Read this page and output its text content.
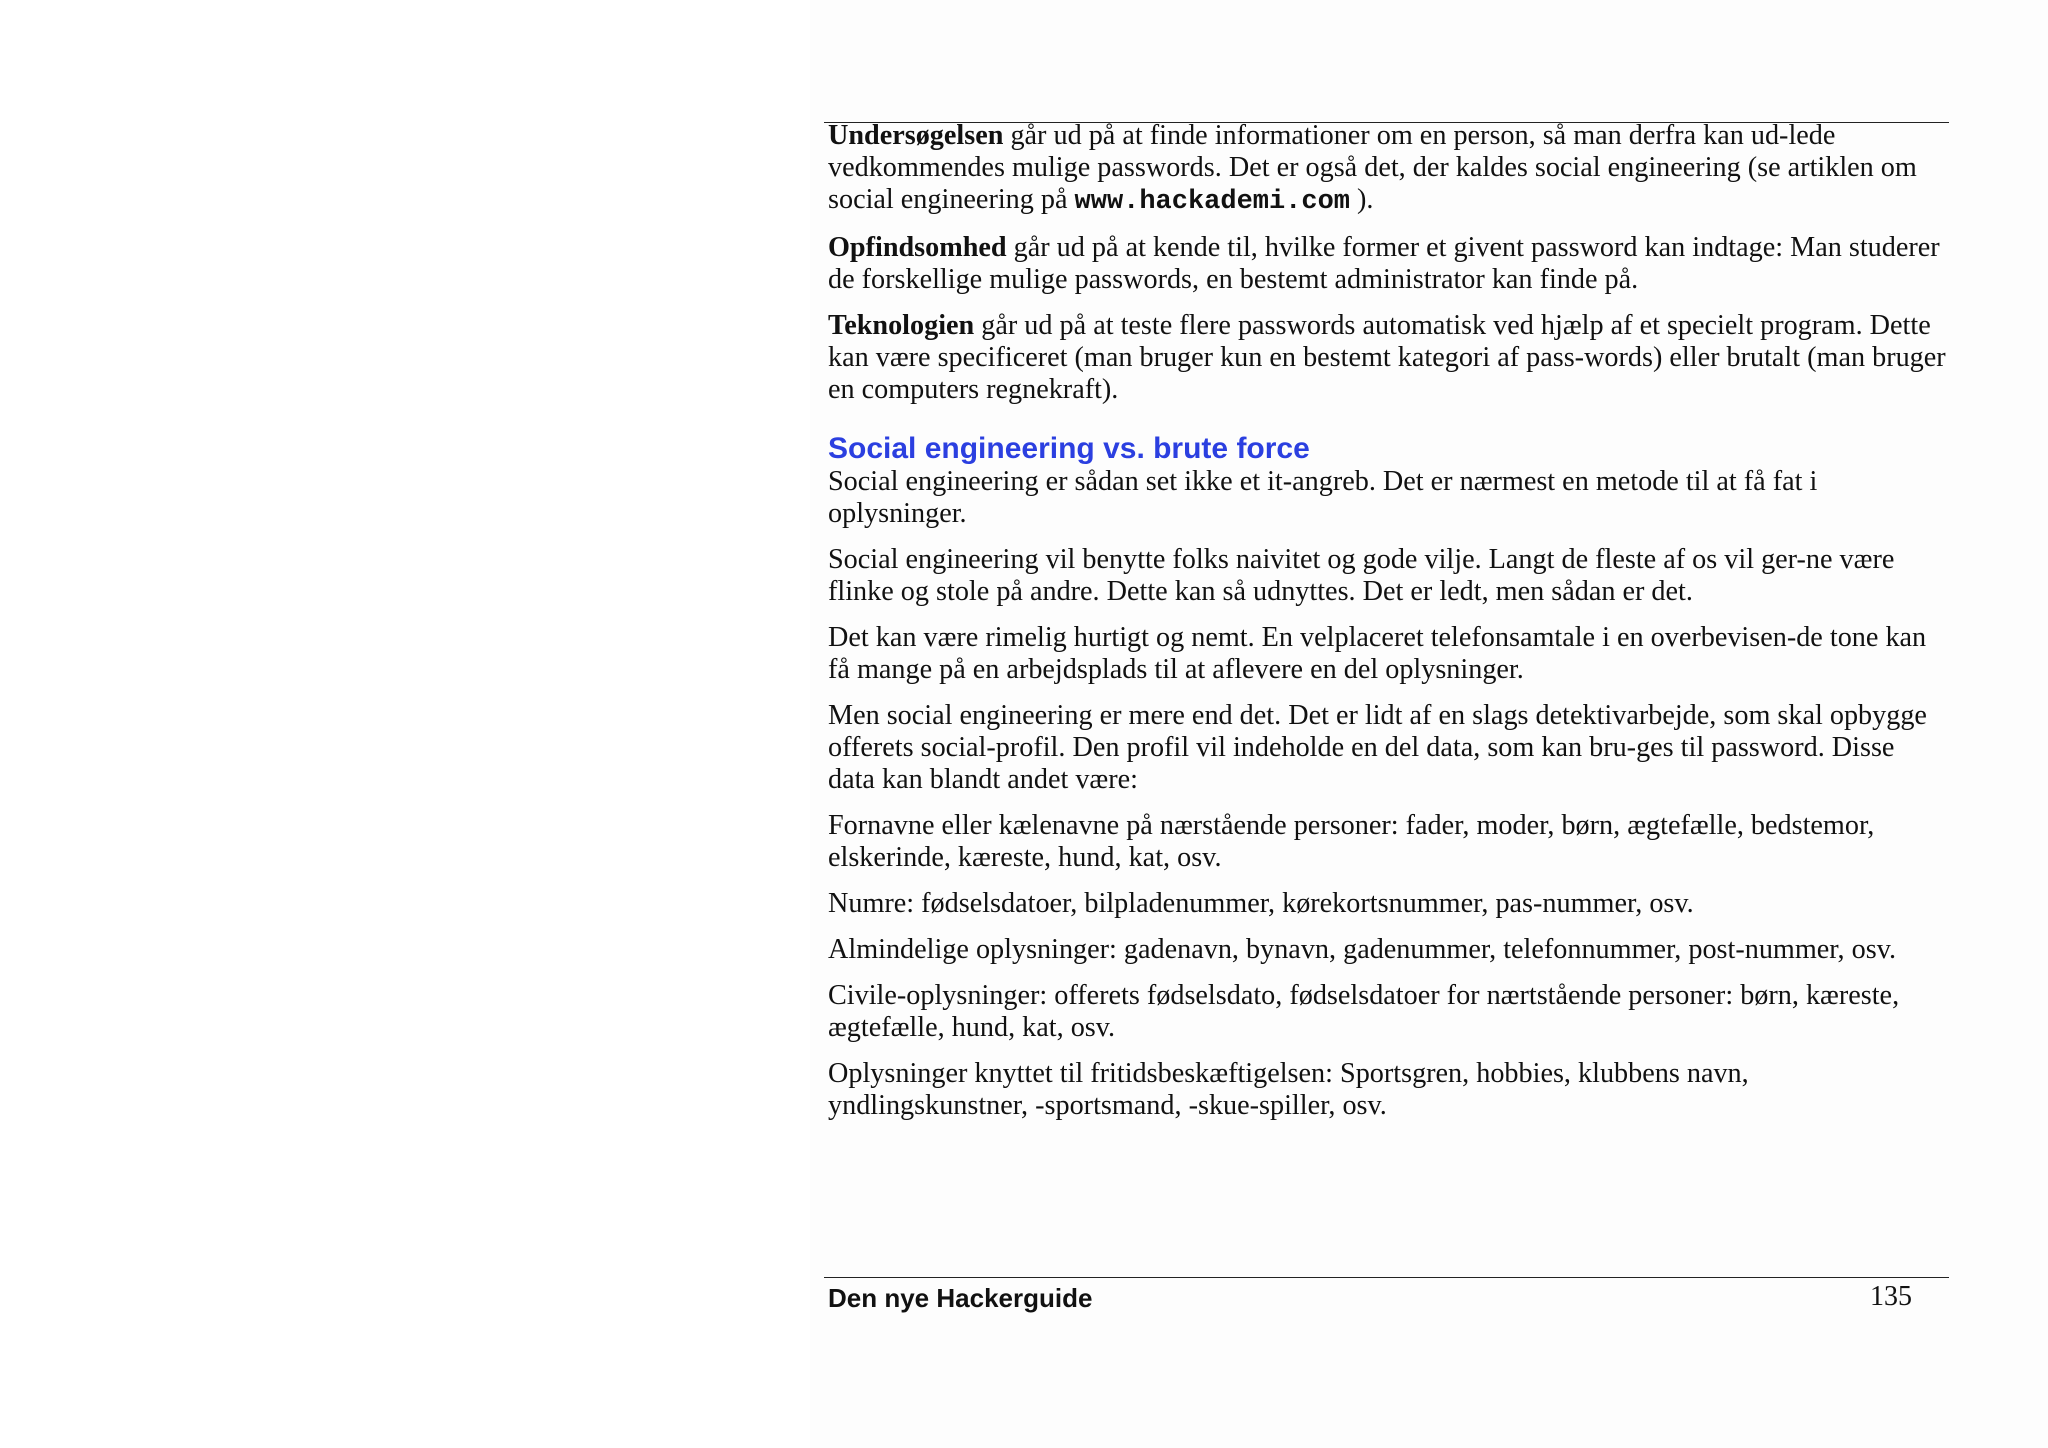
Undersøgelsen går ud på at finde informationer om en person, så man derfra kan ud-lede vedkommendes mulige passwords. Det er også det, der kaldes social engineering (se artiklen om social engineering på www.hackademi.com ).

Opfindsomhed går ud på at kende til, hvilke former et givent password kan indtage: Man studerer de forskellige mulige passwords, en bestemt administrator kan finde på.

Teknologien går ud på at teste flere passwords automatisk ved hjælp af et specielt program. Dette kan være specificeret (man bruger kun en bestemt kategori af pass-words) eller brutalt (man bruger en computers regnekraft).

Social engineering vs. brute force

Social engineering er sådan set ikke et it-angreb. Det er nærmest en metode til at få fat i oplysninger.

Social engineering vil benytte folks naivitet og gode vilje. Langt de fleste af os vil ger-ne være flinke og stole på andre. Dette kan så udnyttes. Det er ledt, men sådan er det.

Det kan være rimelig hurtigt og nemt. En velplaceret telefonsamtale i en overbevisen-de tone kan få mange på en arbejdsplads til at aflevere en del oplysninger.

Men social engineering er mere end det. Det er lidt af en slags detektivarbejde, som skal opbygge offerets social-profil. Den profil vil indeholde en del data, som kan bru-ges til password. Disse data kan blandt andet være:

Fornavne eller kælenavne på nærstående personer: fader, moder, børn, ægtefælle, bedstemor, elskerinde, kæreste, hund, kat, osv.

Numre: fødselsdatoer, bilpladenummer, kørekortsnummer, pas-nummer, osv.

Almindelige oplysninger: gadenavn, bynavn, gadenummer, telefonnummer, post-nummer, osv.

Civile-oplysninger: offerets fødselsdato, fødselsdatoer for nærtstående personer: børn, kæreste, ægtefælle, hund, kat, osv.

Oplysninger knyttet til fritidsbeskæftigelsen: Sportsgren, hobbies, klubbens navn, yndlingskunstner, -sportsmand, -skue-spiller, osv.

Den nye Hackerguide	135
